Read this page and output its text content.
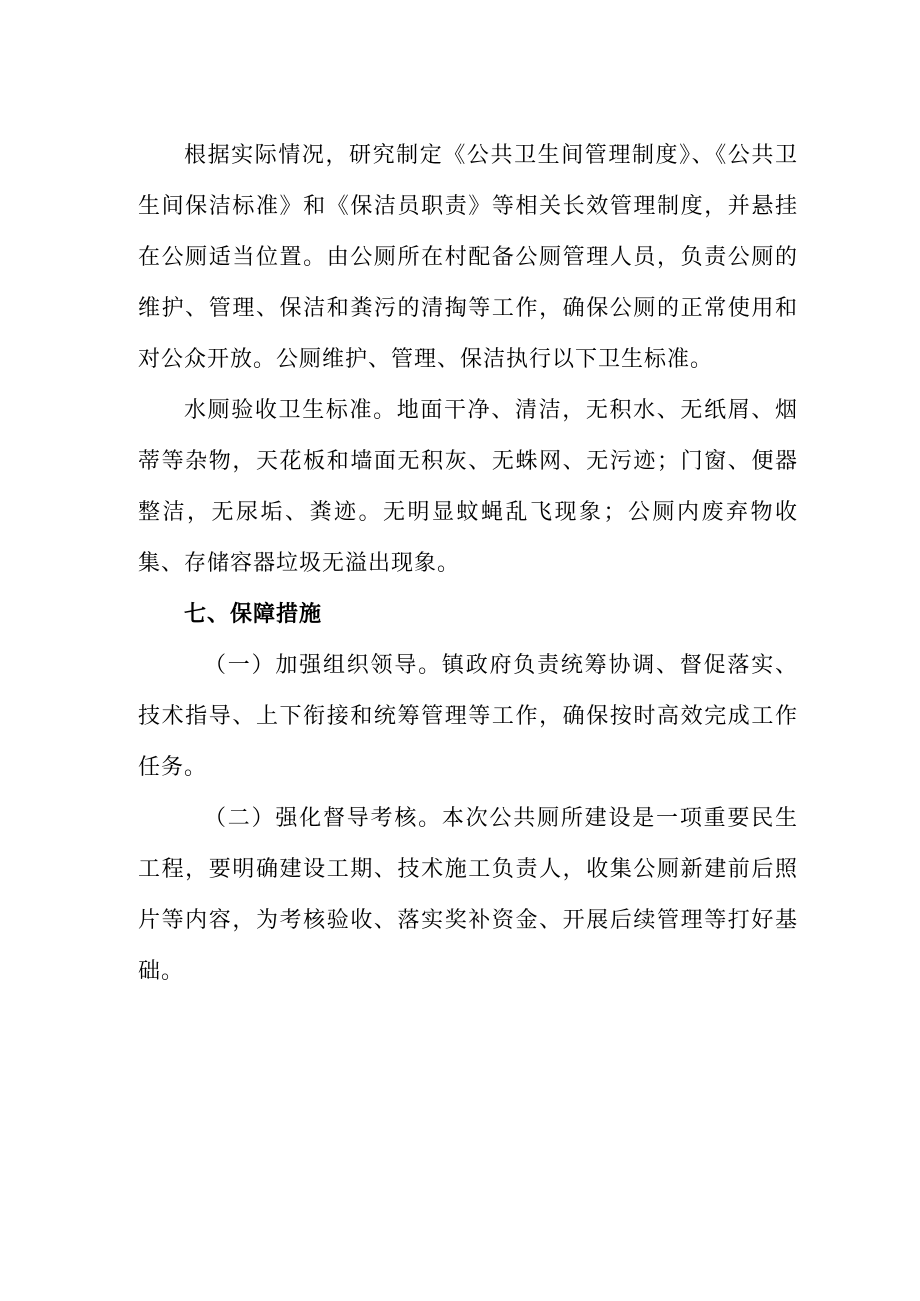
根据实际情况，研究制定《公共卫生间管理制度》、《公共卫生间保洁标准》和《保洁员职责》等相关长效管理制度，并悬挂在公厕适当位置。由公厕所在村配备公厕管理人员，负责公厕的维护、管理、保洁和粪污的清掏等工作，确保公厕的正常使用和对公众开放。公厕维护、管理、保洁执行以下卫生标准。

水厕验收卫生标准。地面干净、清洁，无积水、无纸屑、烟蒂等杂物，天花板和墙面无积灰、无蛛网、无污迹；门窗、便器整洁，无尿垢、粪迹。无明显蚊蝇乱飞现象；公厕内废弃物收集、存储容器垃圾无溢出现象。

七、保障措施

（一）加强组织领导。镇政府负责统筹协调、督促落实、技术指导、上下衔接和统筹管理等工作，确保按时高效完成工作任务。

（二）强化督导考核。本次公共厕所建设是一项重要民生工程，要明确建设工期、技术施工负责人，收集公厕新建前后照片等内容，为考核验收、落实奖补资金、开展后续管理等打好基础。
